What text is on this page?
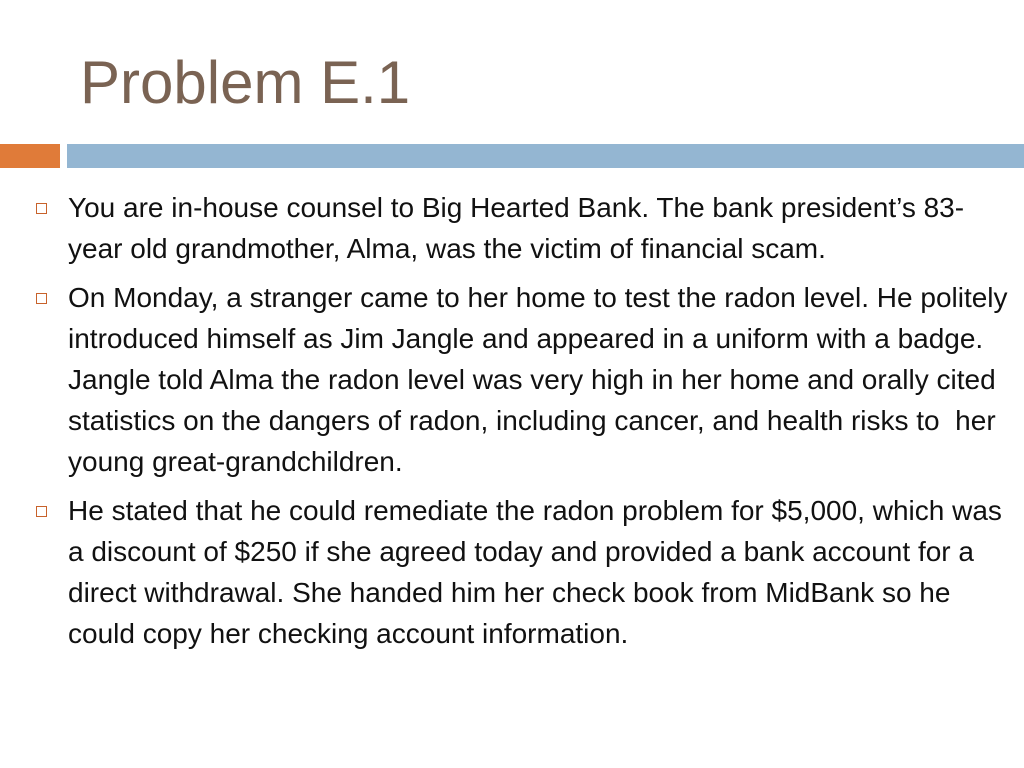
Problem E.1
You are in-house counsel to Big Hearted Bank. The bank president’s 83-year old grandmother, Alma, was the victim of financial scam.
On Monday, a stranger came to her home to test the radon level. He politely introduced himself as Jim Jangle and appeared in a uniform with a badge. Jangle told Alma the radon level was very high in her home and orally cited statistics on the dangers of radon, including cancer, and health risks to  her young great-grandchildren.
He stated that he could remediate the radon problem for $5,000, which was a discount of $250 if she agreed today and provided a bank account for a direct withdrawal. She handed him her check book from MidBank so he could copy her checking account information.
